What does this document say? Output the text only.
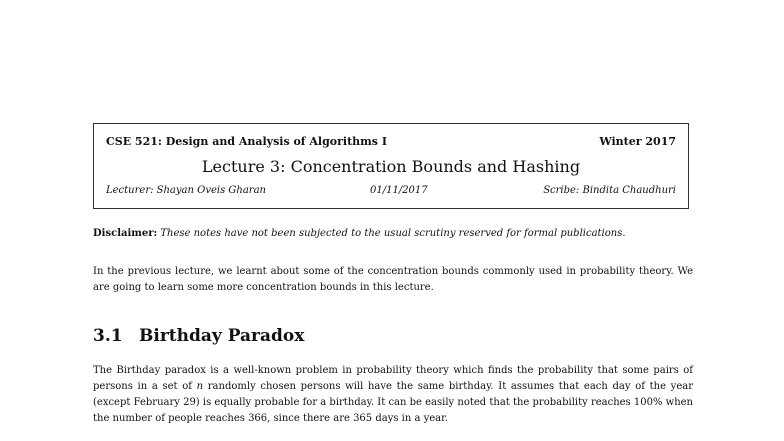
CSE 521: Design and Analysis of Algorithms I	Winter 2017
Lecture 3: Concentration Bounds and Hashing
Lecturer: Shayan Oveis Gharan	01/11/2017	Scribe: Bindita Chaudhuri
Disclaimer: These notes have not been subjected to the usual scrutiny reserved for formal publications.
In the previous lecture, we learnt about some of the concentration bounds commonly used in probability theory. We are going to learn some more concentration bounds in this lecture.
3.1 Birthday Paradox
The Birthday paradox is a well-known problem in probability theory which finds the probability that some pairs of persons in a set of n randomly chosen persons will have the same birthday. It assumes that each day of the year (except February 29) is equally probable for a birthday. It can be easily noted that the probability reaches 100% when the number of people reaches 366, since there are 365 days in a year.
